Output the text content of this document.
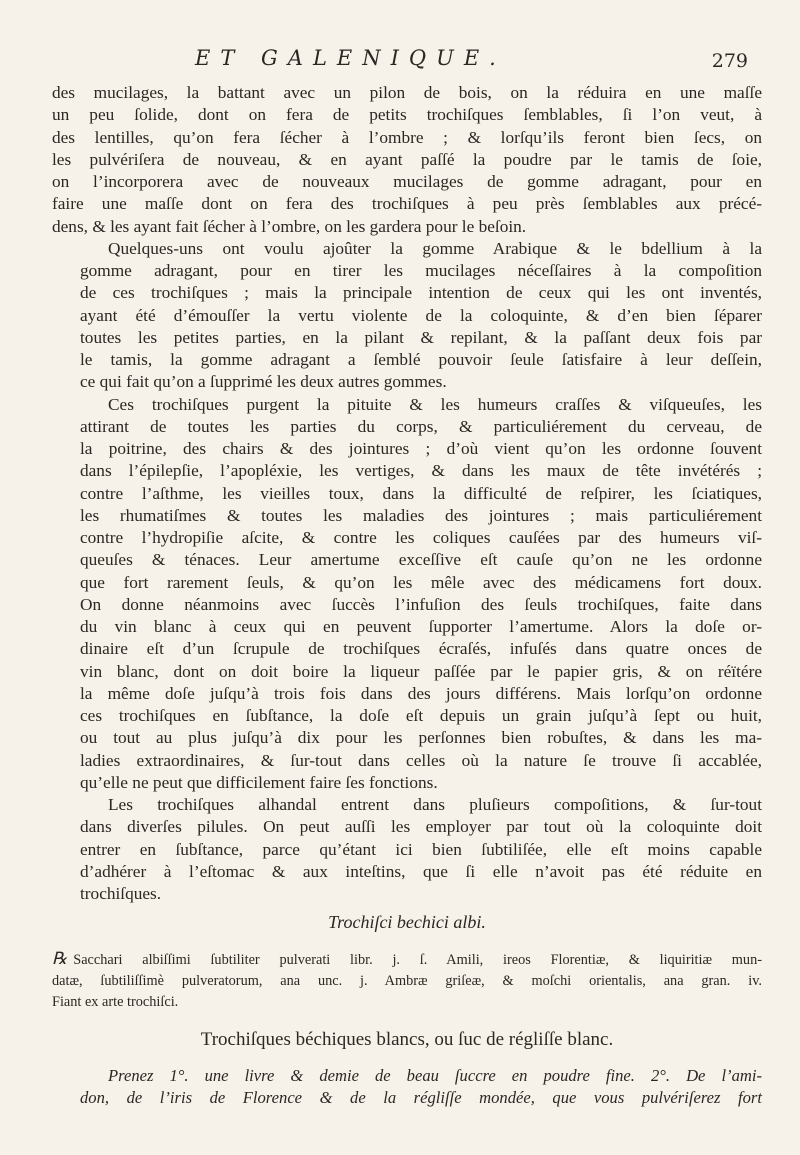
ET GALENIQUE.	279

des mucilages, la battant avec un pilon de bois, on la réduira en une maſſe
un peu ſolide, dont on fera de petits trochiſques ſemblables, ſi l’on veut, à
des lentilles, qu’on fera ſécher à l’ombre ; & lorſqu’ils feront bien ſecs, on
les pulvériſera de nouveau, & en ayant paſſé la poudre par le tamis de ſoie,
on l’incorporera avec de nouveaux mucilages de gomme adragant, pour en
faire une maſſe dont on fera des trochiſques à peu près ſemblables aux précé-
dens, & les ayant fait ſécher à l’ombre, on les gardera pour le beſoin.

Quelques-uns ont voulu ajoûter la gomme Arabique & le bdellium à la
gomme adragant, pour en tirer les mucilages néceſſaires à la compoſition
de ces trochiſques ; mais la principale intention de ceux qui les ont inventés,
ayant été d’émouſſer la vertu violente de la coloquinte, & d’en bien ſéparer
toutes les petites parties, en la pilant & repilant, & la paſſant deux fois par
le tamis, la gomme adragant a ſemblé pouvoir ſeule ſatisfaire à leur deſſein,
ce qui fait qu’on a ſupprimé les deux autres gommes.

Ces trochiſques purgent la pituite & les humeurs craſſes & viſqueuſes, les
attirant de toutes les parties du corps, & particuliérement du cerveau, de
la poitrine, des chairs & des jointures ; d’où vient qu’on les ordonne ſouvent
dans l’épilepſie, l’apopléxie, les vertiges, & dans les maux de tête invétérés ;
contre l’aſthme, les vieilles toux, dans la difficulté de reſpirer, les ſciatiques,
les rhumatiſmes & toutes les maladies des jointures ; mais particuliérement
contre l’hydropiſie aſcite, & contre les coliques cauſées par des humeurs viſ-
queuſes & ténaces. Leur amertume exceſſive eſt cauſe qu’on ne les ordonne
que fort rarement ſeuls, & qu’on les mêle avec des médicamens fort doux.
On donne néanmoins avec ſuccès l’infuſion des ſeuls trochiſques, faite dans
du vin blanc à ceux qui en peuvent ſupporter l’amertume. Alors la doſe or-
dinaire eſt d’un ſcrupule de trochiſques écraſés, infuſés dans quatre onces de
vin blanc, dont on doit boire la liqueur paſſée par le papier gris, & on réïtére
la même doſe juſqu’à trois fois dans des jours différens. Mais lorſqu’on ordonne
ces trochiſques en ſubſtance, la doſe eſt depuis un grain juſqu’à ſept ou huit,
ou tout au plus juſqu’à dix pour les perſonnes bien robuſtes, & dans les ma-
ladies extraordinaires, & ſur-tout dans celles où la nature ſe trouve ſi accablée,
qu’elle ne peut que difficilement faire ſes fonctions.

Les trochiſques alhandal entrent dans pluſieurs compoſitions, & ſur-tout
dans diverſes pilules. On peut auſſi les employer par tout où la coloquinte doit
entrer en ſubſtance, parce qu’étant ici bien ſubtiliſée, elle eſt moins capable
d’adhérer à l’eſtomac & aux inteſtins, que ſi elle n’avoit pas été réduite en
trochiſques.

Trochiſci bechici albi.
℞ Sacchari albiſſimi ſubtiliter pulverati libr. j. ſ. Amili, ireos Florentiæ, & liquiritiæ mun-
datæ, ſubtiliſſimè pulveratorum, ana unc. j. Ambræ griſeæ, & moſchi orientalis, ana gran. iv.
Fiant ex arte trochiſci.
Trochiſques béchiques blancs, ou ſuc de régliſſe blanc.
Prenez 1°. une livre & demie de beau ſuccre en poudre fine. 2°. De l’ami-
don, de l’iris de Florence & de la régliſſe mondée, que vous pulvériſerez fort
